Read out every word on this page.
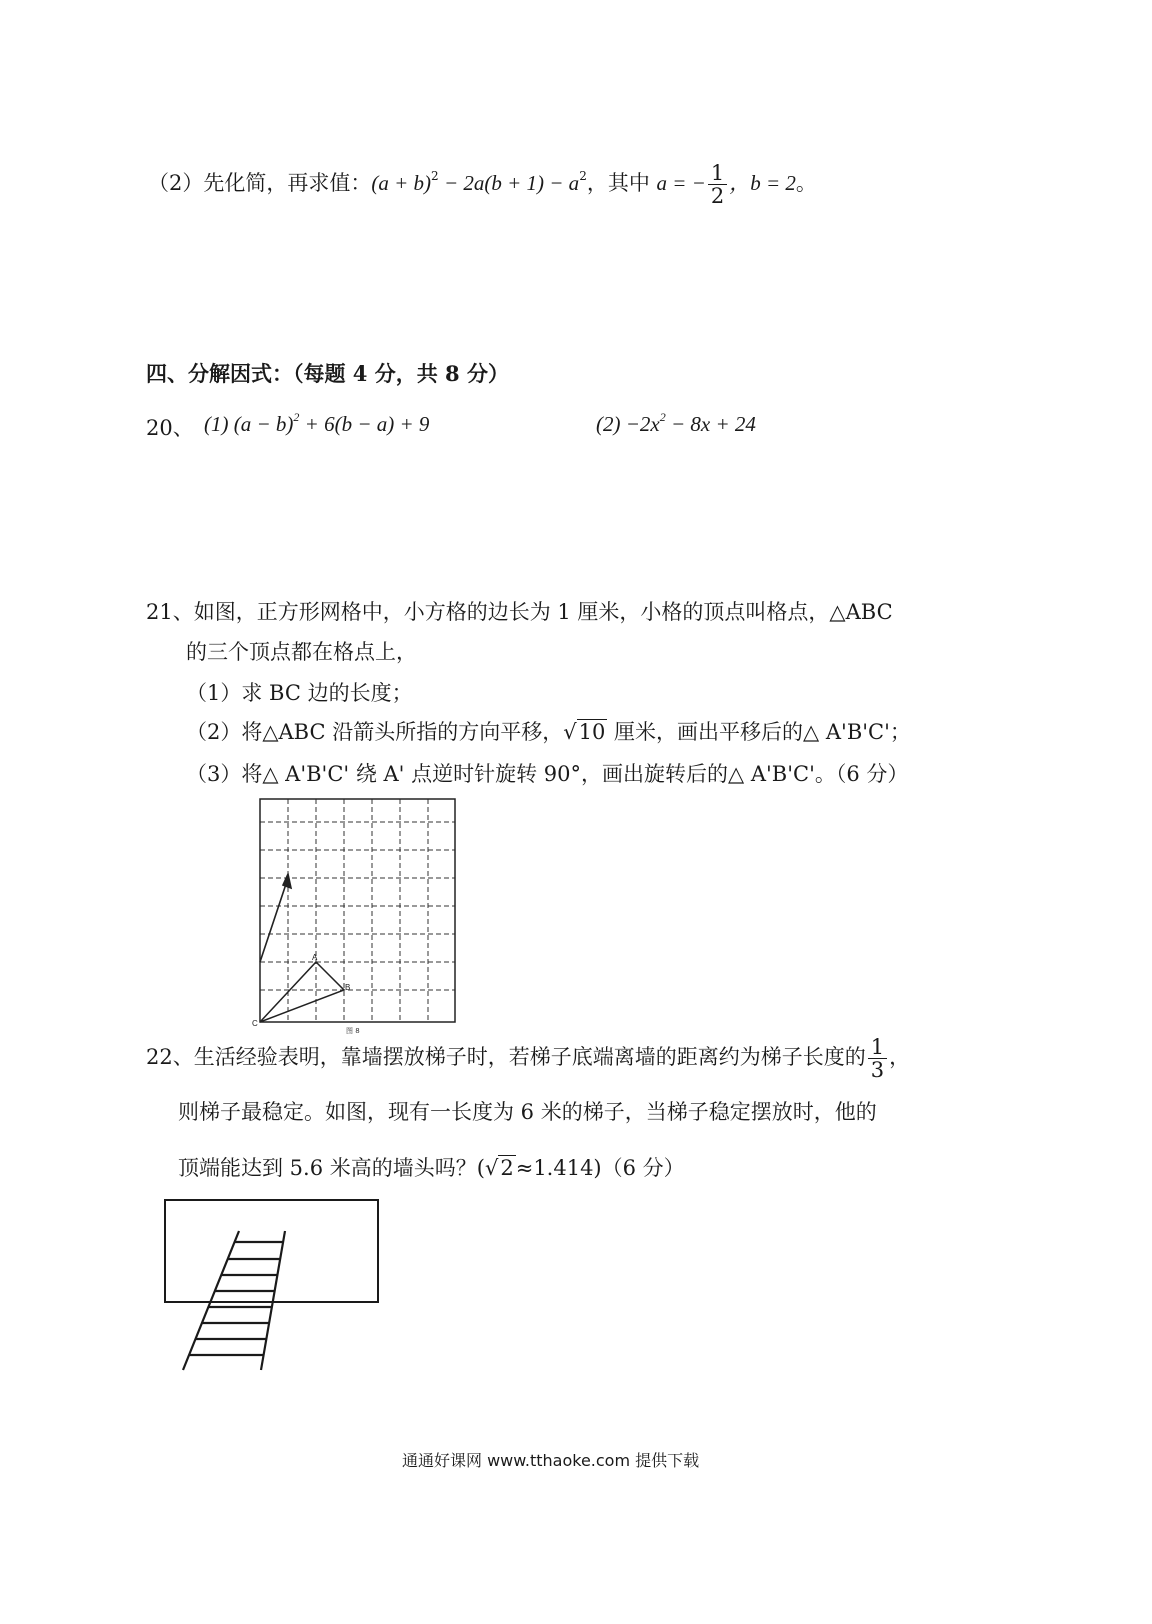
（2）先化简，再求值：$(a + b)^2 - 2a(b + 1) - a^2$，其中 a = − $\frac{1}{2}$ ，b = 2。
四、分解因式：（每题 4 分，共 8 分）
20、 (1) $(a - b)^2 + 6(b - a) + 9$	$(2) -2x^2 - 8x + 24$
21、如图，正方形网格中，小方格的边长为 1 厘米，小格的顶点叫格点，△ABC
的三个顶点都在格点上，
（1）求 BC 边的长度；
（2）将△ABC 沿箭头所指的方向平移，√10 厘米，画出平移后的△ A'B'C'；
（3）将△ A'B'C' 绕 A' 点逆时针旋转 90°，画出旋转后的△ A'B'C'。（6 分）
A
B
C
图 8
22、生活经验表明，靠墙摆放梯子时，若梯子底端离墙的距离约为梯子长度的 $\frac{1}{3}$ ，
则梯子最稳定。如图，现有一长度为 6 米的梯子，当梯子稳定摆放时，他的
顶端能达到 5.6 米高的墙头吗？(√2≈1.414)（6 分）
通通好课网 www.tthaoke.com 提供下载
